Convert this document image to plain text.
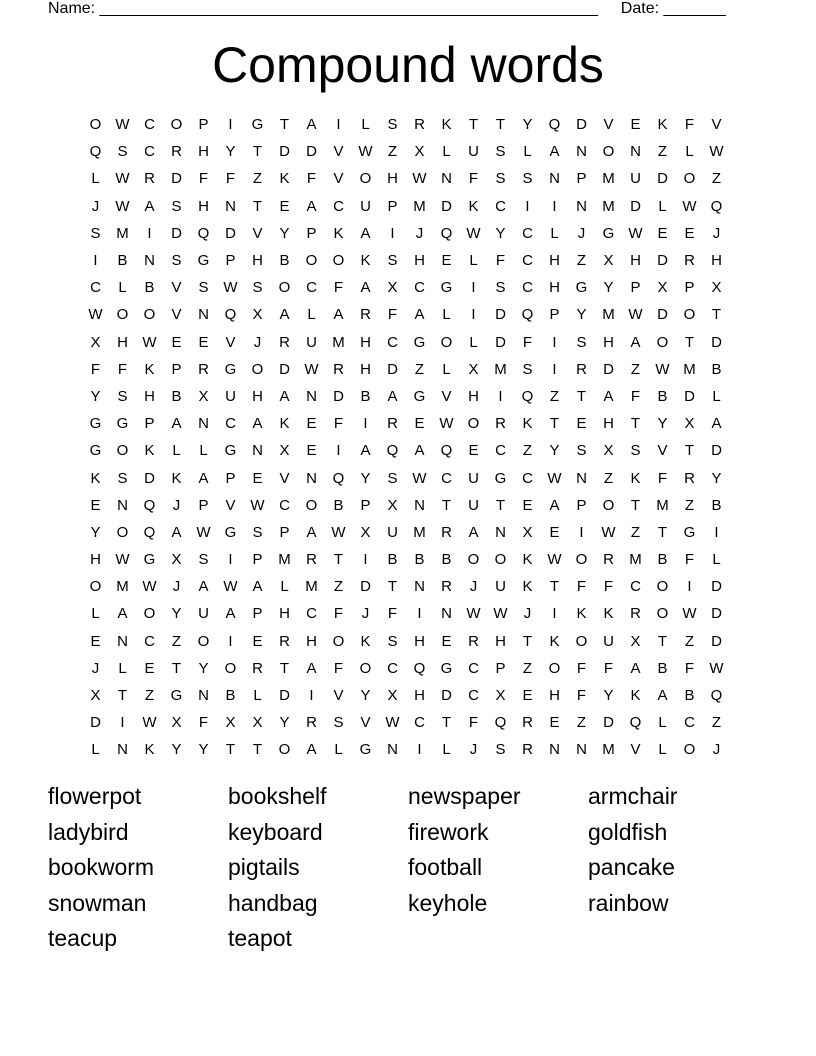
Name: ________________________________________________________ Date: _______
Compound words
O	W	C	O	P	I	G	T	A	I	L	S	R	K	T	T	Y	Q	D	V	E	K	F	V
Q	S	C	R	H	Y	T	D	D	V	W	Z	X	L	U	S	L	A	N	O	N	Z	L	W
L	W	R	D	F	F	Z	K	F	V	O	H	W	N	F	S	S	N	P	M	U	D	O	Z
J	W	A	S	H	N	T	E	A	C	U	P	M	D	K	C	I	I	N	M	D	L	W	Q
S	M	I	D	Q	D	V	Y	P	K	A	I	J	Q	W	Y	C	L	J	G	W	E	E	J
I	B	N	S	G	P	H	B	O	O	K	S	H	E	L	F	C	H	Z	X	H	D	R	H
C	L	B	V	S	W	S	O	C	F	A	X	C	G	I	S	C	H	G	Y	P	X	P	X
W	O	O	V	N	Q	X	A	L	A	R	F	A	L	I	D	Q	P	Y	M	W	D	O	T
X	H	W	E	E	V	J	R	U	M	H	C	G	O	L	D	F	I	S	H	A	O	T	D
F	F	K	P	R	G	O	D	W	R	H	D	Z	L	X	M	S	I	R	D	Z	W	M	B
Y	S	H	B	X	U	H	A	N	D	B	A	G	V	H	I	Q	Z	T	A	F	B	D	L
G	G	P	A	N	C	A	K	E	F	I	R	E	W	O	R	K	T	E	H	T	Y	X	A
G	O	K	L	L	G	N	X	E	I	A	Q	A	Q	E	C	Z	Y	S	X	S	V	T	D
K	S	D	K	A	P	E	V	N	Q	Y	S	W	C	U	G	C	W	N	Z	K	F	R	Y
E	N	Q	J	P	V	W	C	O	B	P	X	N	T	U	T	E	A	P	O	T	M	Z	B
Y	O	Q	A	W	G	S	P	A	W	X	U	M	R	A	N	X	E	I	W	Z	T	G	I
H	W	G	X	S	I	P	M	R	T	I	B	B	B	O	O	K	W	O	R	M	B	F	L
O	M	W	J	A	W	A	L	M	Z	D	T	N	R	J	U	K	T	F	F	C	O	I	D
L	A	O	Y	U	A	P	H	C	F	J	F	I	N	W	W	J	I	K	K	R	O	W	D
E	N	C	Z	O	I	E	R	H	O	K	S	H	E	R	H	T	K	O	U	X	T	Z	D
J	L	E	T	Y	O	R	T	A	F	O	C	Q	G	C	P	Z	O	F	F	A	B	F	W
X	T	Z	G	N	B	L	D	I	V	Y	X	H	D	C	X	E	H	F	Y	K	A	B	Q
D	I	W	X	F	X	X	Y	R	S	V	W	C	T	F	Q	R	E	Z	D	Q	L	C	Z
L	N	K	Y	Y	T	T	O	A	L	G	N	I	L	J	S	R	N	N	M	V	L	O	J
flowerpot	bookshelf	newspaper	armchair
ladybird	keyboard	firework	goldfish
bookworm	pigtails	football	pancake
snowman	handbag	keyhole	rainbow
teacup	teapot
